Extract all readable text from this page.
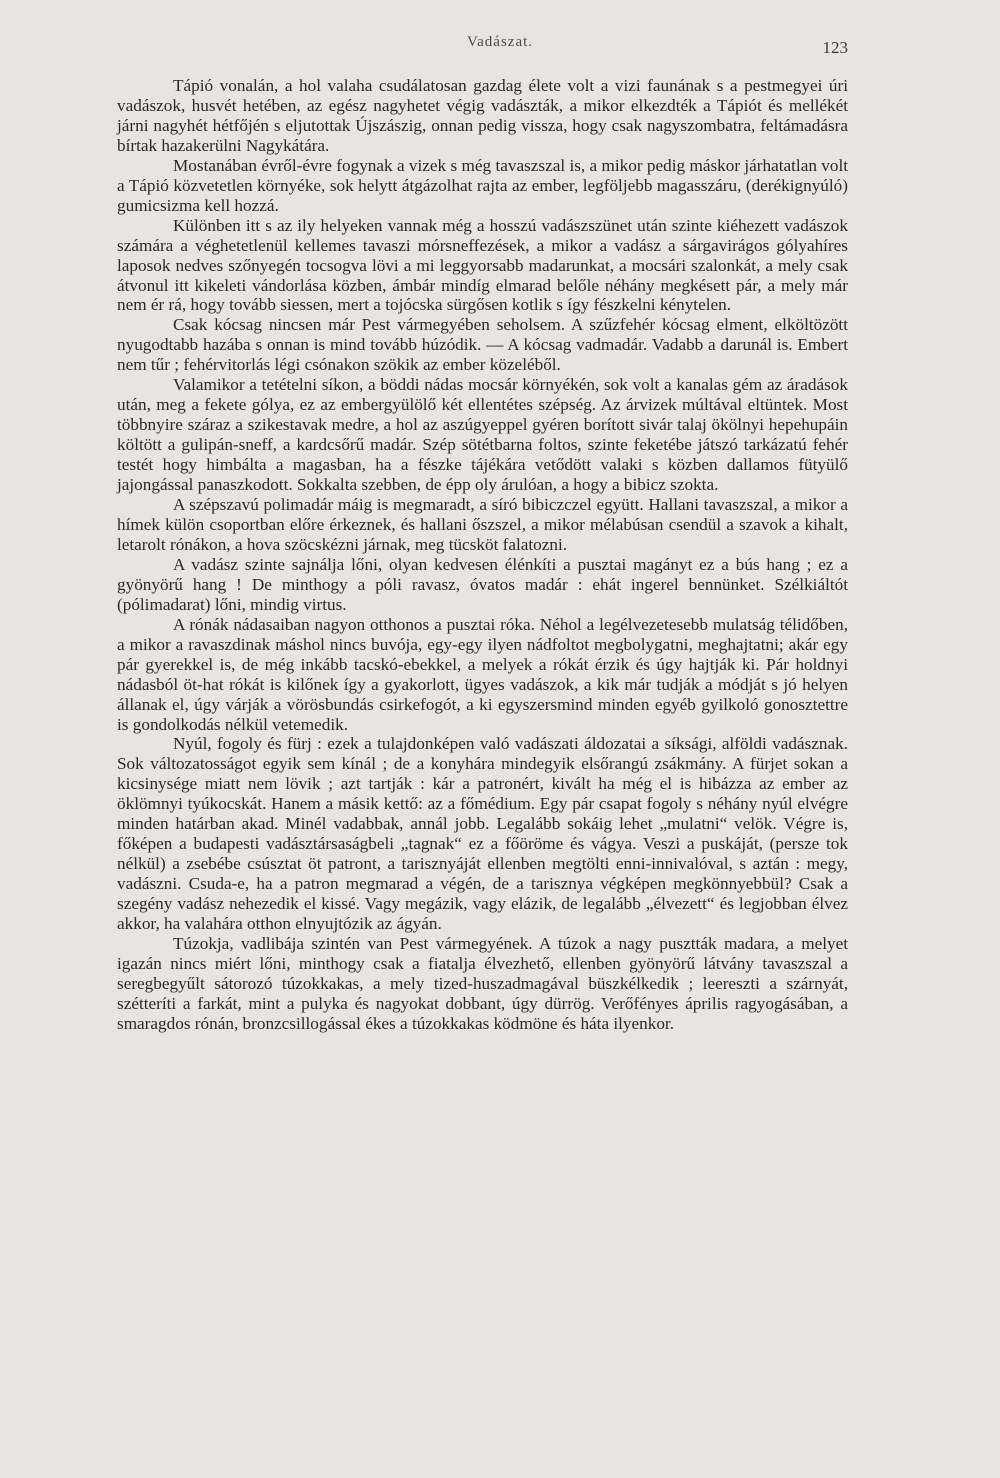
Vadászat.	123

Tápió vonalán, a hol valaha csudálatosan gazdag élete volt a vizi faunának s a pestmegyei úri vadászok, husvét hetében, az egész nagyhetet végig vadászták, a mikor elkezdték a Tápiót és mellékét járni nagyhét hétfőjén s eljutottak Újszászig, onnan pedig vissza, hogy csak nagyszombatra, feltámadásra bírtak hazakerülni Nagykátára.

Mostanában évről-évre fogynak a vizek s még tavaszszal is, a mikor pedig máskor járhatatlan volt a Tápió közvetetlen környéke, sok helytt átgázolhat rajta az ember, legföljebb magasszáru, (derékignyúló) gumicsizma kell hozzá.

Különben itt s az ily helyeken vannak még a hosszú vadászszünet után szinte kiéhezett vadászok számára a véghetetlenül kellemes tavaszi mórsneffezések, a mikor a vadász a sárgavirágos gólyahíres laposok nedves szőnyegén tocsogva lövi a mi leggyorsabb madarunkat, a mocsári szalonkát, a mely csak átvonul itt kikeleti vándorlása közben, ámbár mindíg elmarad belőle néhány megkésett pár, a mely már nem ér rá, hogy tovább siessen, mert a tojócska sürgősen kotlik s így fészkelni kénytelen.

Csak kócsag nincsen már Pest vármegyében seholsem. A szűzfehér kócsag elment, elköltözött nyugodtabb hazába s onnan is mind tovább húzódik. — A kócsag vadmadár. Vadabb a darunál is. Embert nem tűr ; fehérvitorlás légi csónakon szökik az ember közeléből.

Valamikor a tetételni síkon, a böddi nádas mocsár környékén, sok volt a kanalas gém az áradások után, meg a fekete gólya, ez az embergyülölő két ellentétes szépség. Az árvizek múltával eltüntek. Most többnyire száraz a szikestavak medre, a hol az aszúgyeppel gyéren borított sivár talaj ökölnyi hepehupáin költött a gulipán-sneff, a kardcsőrű madár. Szép sötétbarna foltos, szinte feketébe játszó tarkázatú fehér testét hogy himbálta a magasban, ha a fészke tájékára vetődött valaki s közben dallamos fütyülő jajongással panaszkodott. Sokkalta szebben, de épp oly árulóan, a hogy a bibicz szokta.

A szépszavú polimadár máig is megmaradt, a síró bibiczczel együtt. Hallani tavaszszal, a mikor a hímek külön csoportban előre érkeznek, és hallani őszszel, a mikor mélabúsan csendül a szavok a kihalt, letarolt rónákon, a hova szöcskézni járnak, meg tücsköt falatozni.

A vadász szinte sajnálja lőni, olyan kedvesen élénkíti a pusztai magányt ez a bús hang ; ez a gyönyörű hang ! De minthogy a póli ravasz, óvatos madár : ehát ingerel bennünket. Szélkiáltót (pólimadarat) lőni, mindig virtus.

A rónák nádasaiban nagyon otthonos a pusztai róka. Néhol a legélvezetesebb mulatság télidőben, a mikor a ravaszdinak máshol nincs buvója, egy-egy ilyen nádfoltot megbolygatni, meghajtatni; akár egy pár gyerekkel is, de még inkább tacskó-ebekkel, a melyek a rókát érzik és úgy hajtják ki. Pár holdnyi nádasból öt-hat rókát is kilőnek így a gyakorlott, ügyes vadászok, a kik már tudják a módját s jó helyen állanak el, úgy várják a vörösbundás csirkefogót, a ki egyszersmind minden egyéb gyilkoló gonosztettre is gondolkodás nélkül vetemedik.

Nyúl, fogoly és fürj : ezek a tulajdonképen való vadászati áldozatai a síksági, alföldi vadásznak. Sok változatosságot egyik sem kínál ; de a konyhára mindegyik elsőrangú zsákmány. A fürjet sokan a kicsinysége miatt nem lövik ; azt tartják : kár a patronért, kivált ha még el is hibázza az ember az öklömnyi tyúkocskát. Hanem a másik kettő: az a főmédium. Egy pár csapat fogoly s néhány nyúl elvégre minden határban akad. Minél vadabbak, annál jobb. Legalább sokáig lehet „mulatni“ velök. Végre is, főképen a budapesti vadásztársaságbeli „tagnak“ ez a főöröme és vágya. Veszi a puskáját, (persze tok nélkül) a zsebébe csúsztat öt patront, a tarisznyáját ellenben megtölti enni-innivalóval, s aztán : megy, vadászni. Csuda-e, ha a patron megmarad a végén, de a tarisznya végképen megkönnyebbül? Csak a szegény vadász nehezedik el kissé. Vagy megázik, vagy elázik, de legalább „élvezett“ és legjobban élvez akkor, ha valahára otthon elnyujtózik az ágyán.

Túzokja, vadlibája szintén van Pest vármegyének. A túzok a nagy pusztták madara, a melyet igazán nincs miért lőni, minthogy csak a fiatalja élvezhető, ellenben gyönyörű látvány tavaszszal a seregbegyűlt sátorozó túzokkakas, a mely tized-huszadmagával büszkélkedik ; leereszti a szárnyát, szétteríti a farkát, mint a pulyka és nagyokat dobbant, úgy dürrög. Verőfényes április ragyogásában, a smaragdos rónán, bronzcsillogással ékes a túzokkakas ködmöne és háta ilyenkor.
